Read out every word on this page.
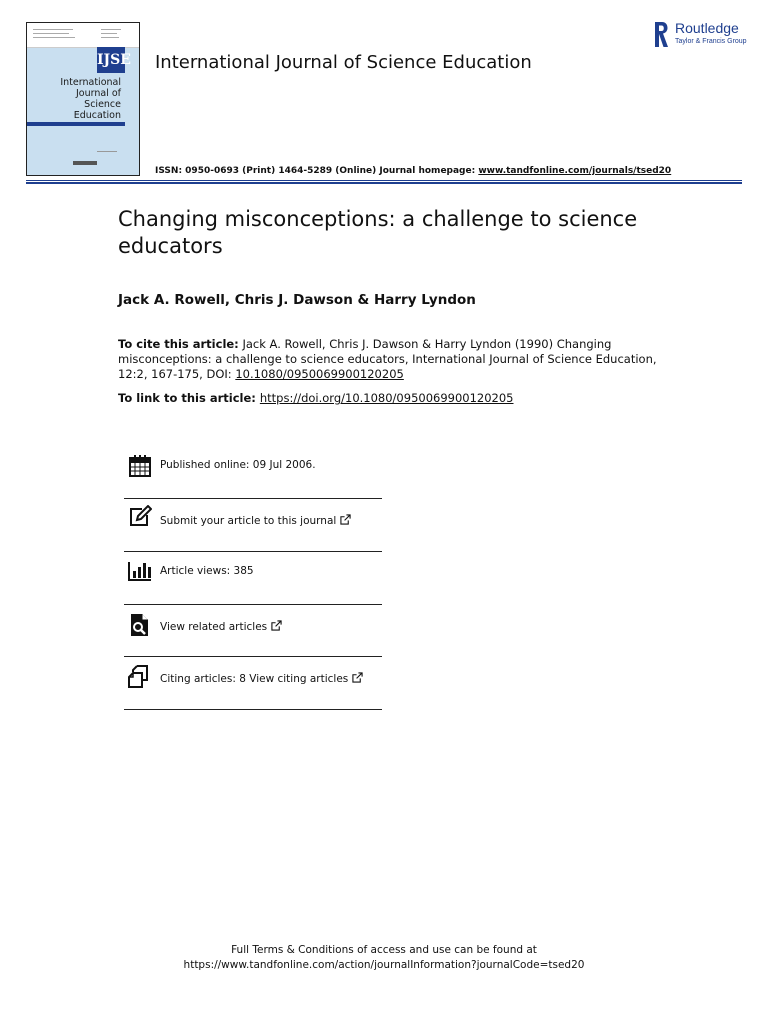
IJSE
International
Journal of
Science
Education
International Journal of Science Education
ISSN: 0950-0693 (Print) 1464-5289 (Online) Journal homepage: www.tandfonline.com/journals/tsed20
Routledge
Taylor & Francis Group
Changing misconceptions: a challenge to science educators
Jack A. Rowell, Chris J. Dawson & Harry Lyndon
To cite this article: Jack A. Rowell, Chris J. Dawson & Harry Lyndon (1990) Changing misconceptions: a challenge to science educators, International Journal of Science Education, 12:2, 167-175, DOI: 10.1080/0950069900120205
To link to this article: https://doi.org/10.1080/0950069900120205
Published online: 09 Jul 2006.
Submit your article to this journal
Article views: 385
View related articles
Citing articles: 8 View citing articles
Full Terms & Conditions of access and use can be found at
https://www.tandfonline.com/action/journalInformation?journalCode=tsed20
